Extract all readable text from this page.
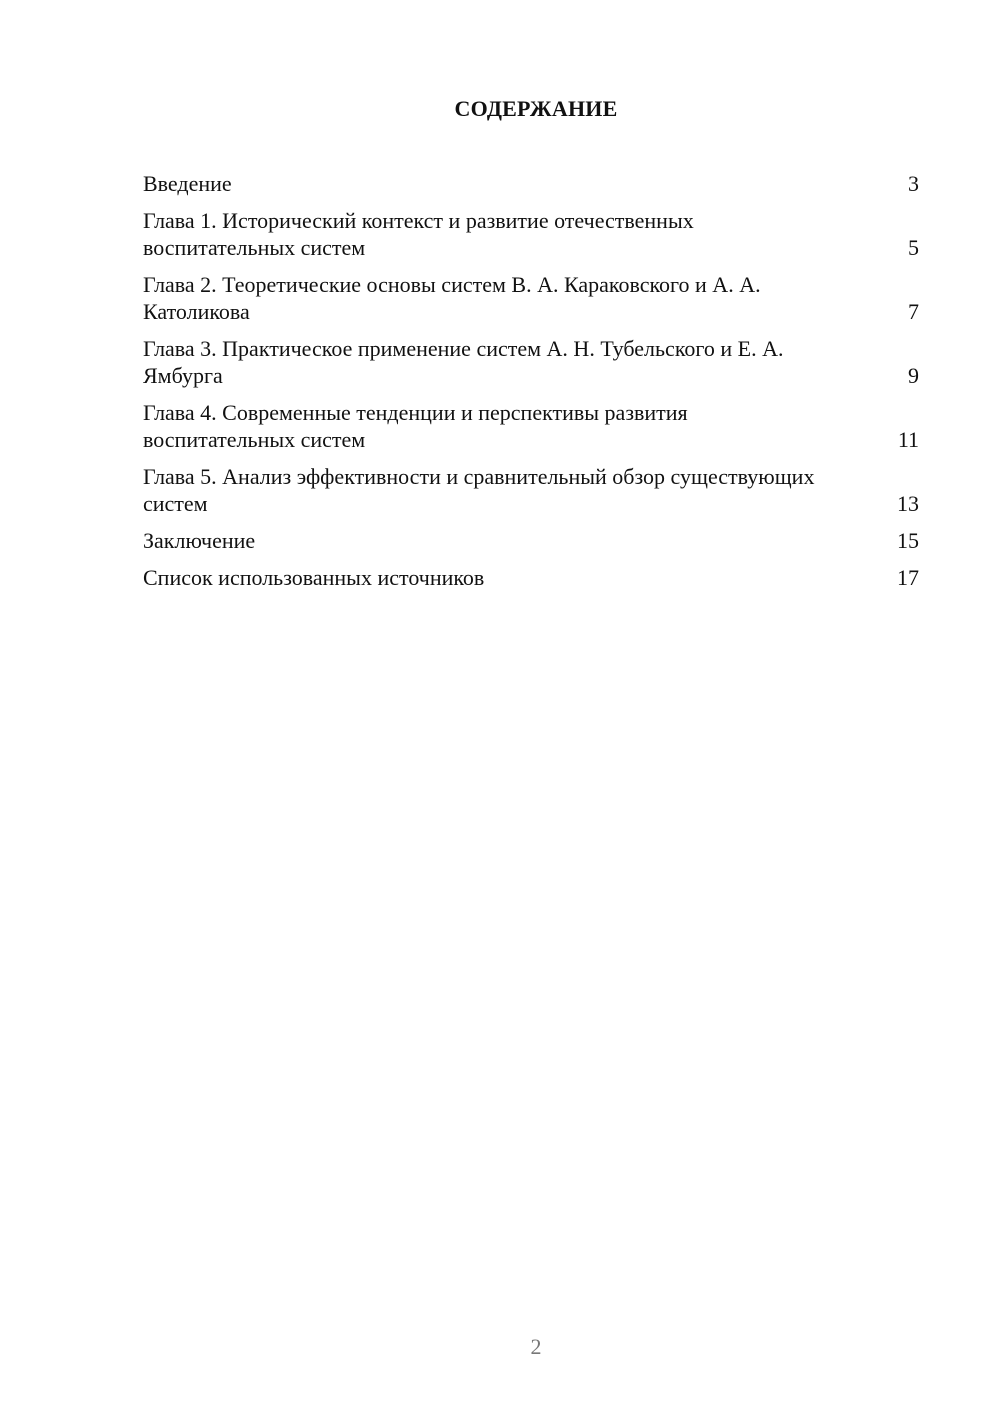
СОДЕРЖАНИЕ
Введение	3
Глава 1. Исторический контекст и развитие отечественных воспитательных систем	5
Глава 2. Теоретические основы систем В. А. Караковского и А. А. Католикова	7
Глава 3. Практическое применение систем А. Н. Тубельского и Е. А. Ямбурга	9
Глава 4. Современные тенденции и перспективы развития воспитательных систем	11
Глава 5. Анализ эффективности и сравнительный обзор существующих систем	13
Заключение	15
Список использованных источников	17
2
